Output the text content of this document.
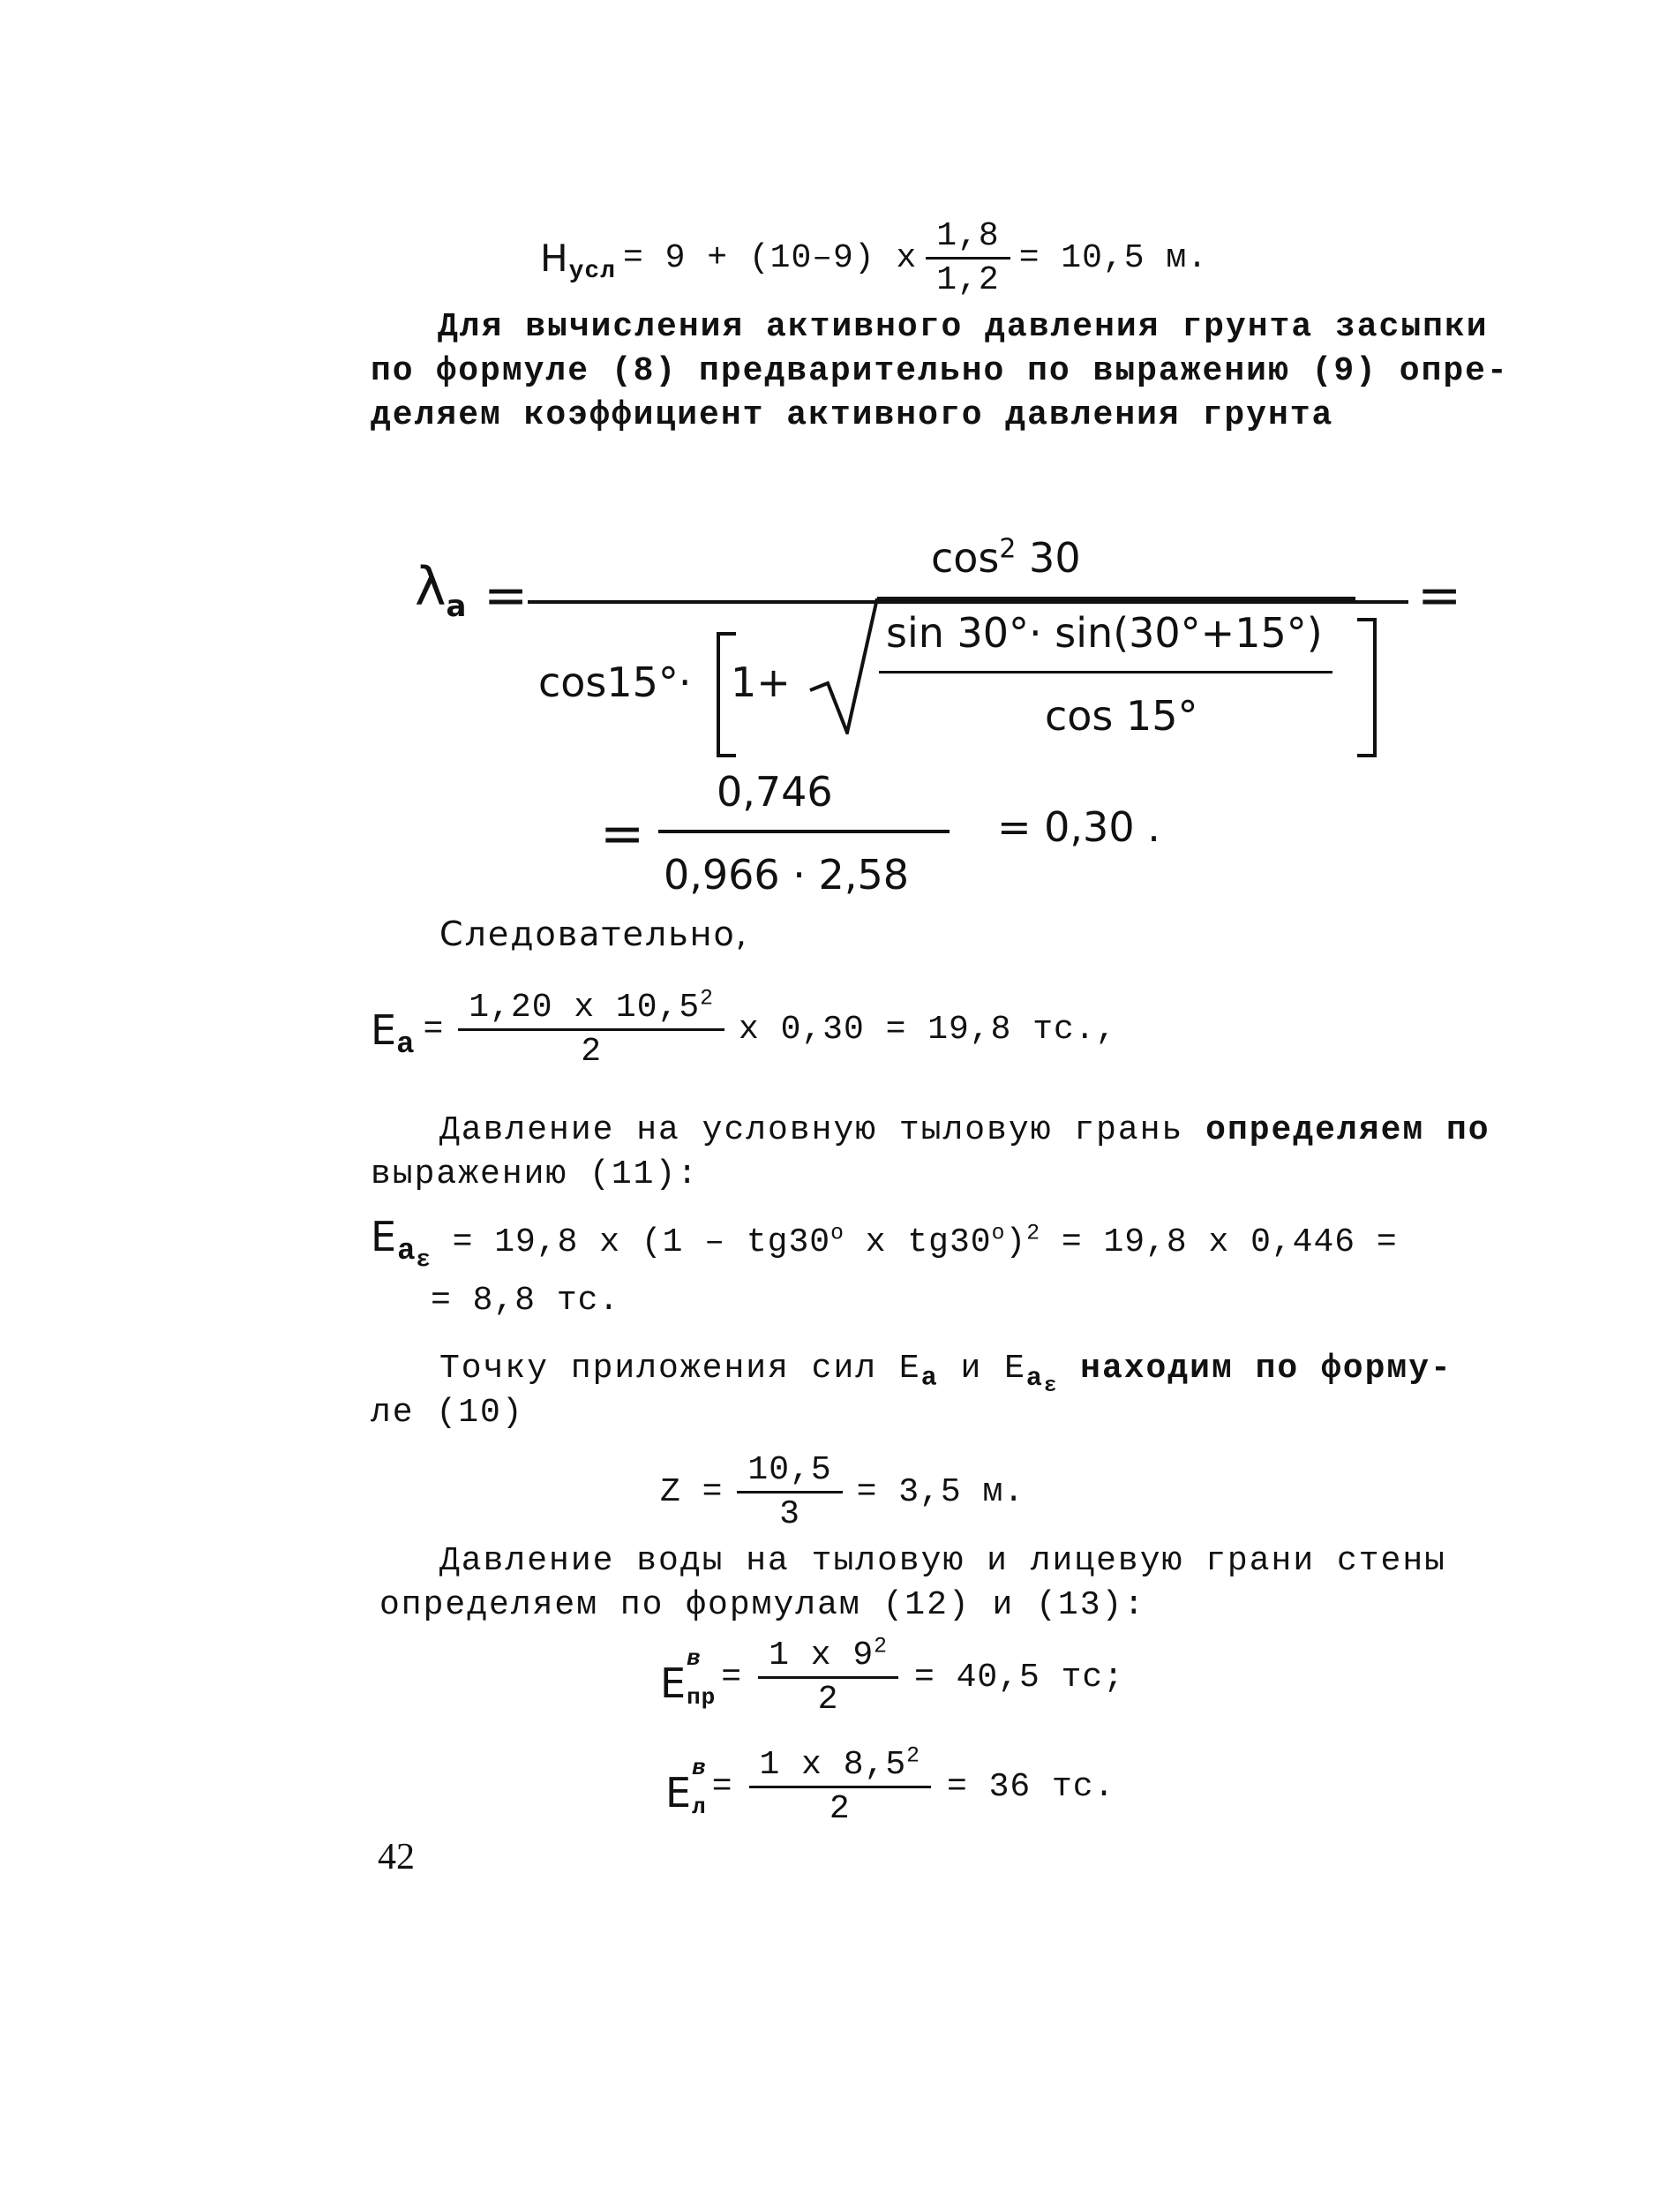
H усл = 9 + (10–9) x $\frac{1,8}{1,2} = 10,5$ м.
Для вычисления активного давления грунта засыпки
по формуле (8) предварительно по выражению (9) опре-
деляем коэффициент активного давления грунта
$\lambda_a$ =
$\cos^2 30$
=
cos15°· 1+
sin 30°· sin(30°+15°)
cos 15°
=
0,746
0,966 · 2,58
= 0,30 .
Следовательно,
E $a = \frac{1,20 x 10,5^2}{2}$ x 0,30 = 19,8 тс.,
Давление на условную тыловую грань определяем по
выражению (11):
$E_{a_\varepsilon} = 19,8$ x (1 – tg30$^o$ x $tg30^o)^2 = 19,8$ x 0,446 =
= 8,8 тс.
Точку приложения сил $E_a$ и $E_{a_\varepsilon}$ находим по форму-
ле (10)
$Z = \frac{10,5}{3} = 3,5$ м.
Давление воды на тыловую и лицевую грани стены
определяем по формулам (12) и (13):
E
в
пр
= $\frac{1 x 9^2}{2} = 40,5$ тс;
E
в
л
= $\frac{1 x 8,5^2}{2} = 36$ тс.
42
